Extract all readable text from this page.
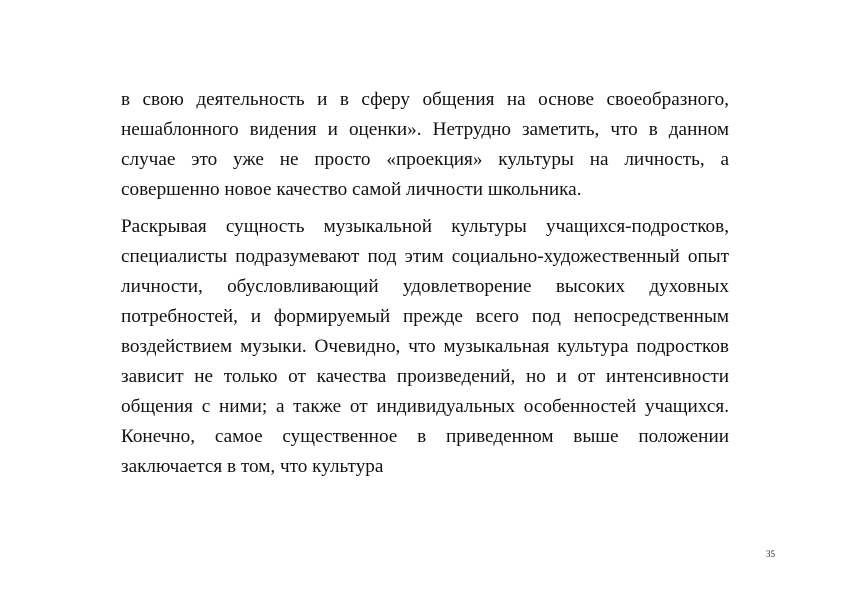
в свою деятельность и в сферу общения на основе своеобразного, нешаблонного видения и оценки». Нетрудно заметить, что в данном случае это уже не просто «проекция» культуры на личность, а совершенно новое качество самой личности школьника.

Раскрывая сущность музыкальной культуры учащихся-подростков, специалисты подразумевают под этим социально-художественный опыт личности, обусловливающий удовлетворение высоких духовных потребностей, и формируемый прежде всего под непосредственным воздействием музыки. Очевидно, что музыкальная культура подростков зависит не только от качества произведений, но и от интенсивности общения с ними; а также от индивидуальных особенностей учащихся. Конечно, самое существенное в приведенном выше положении заключается в том, что культура

35
